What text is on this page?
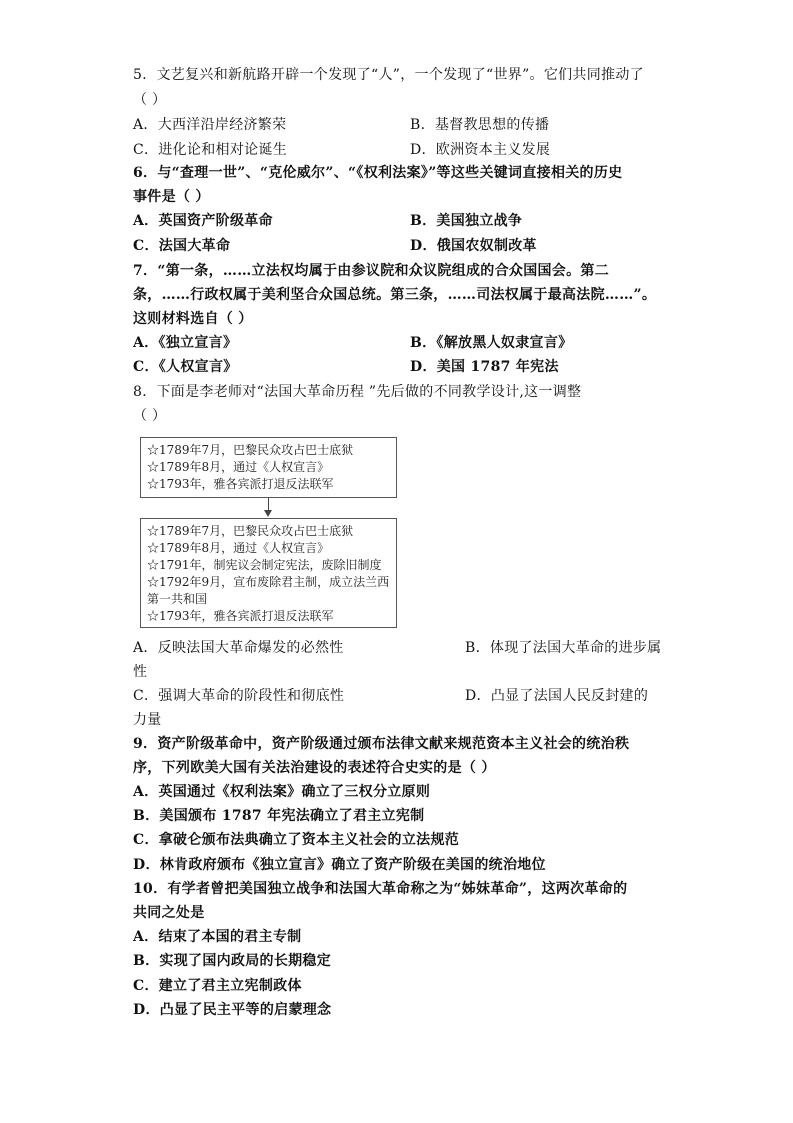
5．文艺复兴和新航路开辟一个发现了“人”，一个发现了“世界”。它们共同推动了
（ ）
A．大西洋沿岸经济繁荣	B．基督教思想的传播
C．进化论和相对论诞生	D．欧洲资本主义发展
6．与“查理一世”、“克伦威尔”、“《权利法案》”等这些关键词直接相关的历史
事件是（ ）
A．英国资产阶级革命	B．美国独立战争
C．法国大革命	D．俄国农奴制改革
7．“第一条，……立法权均属于由参议院和众议院组成的合众国国会。第二
条，……行政权属于美利坚合众国总统。第三条，……司法权属于最高法院……”。
这则材料选自（ ）
A．《独立宣言》	B．《解放黑人奴隶宣言》
C．《人权宣言》	D．美国 1787 年宪法
8．下面是李老师对“法国大革命历程 ”先后做的不同教学设计,这一调整
（ ）
☆1789年7月，巴黎民众攻占巴士底狱
☆1789年8月，通过《人权宣言》
☆1793年，雅各宾派打退反法联军
☆1789年7月，巴黎民众攻占巴士底狱
☆1789年8月，通过《人权宣言》
☆1791年，制宪议会制定宪法，废除旧制度
☆1792年9月，宣布废除君主制，成立法兰西
第一共和国
☆1793年，雅各宾派打退反法联军
A．反映法国大革命爆发的必然性	B．体现了法国大革命的进步属
性
C．强调大革命的阶段性和彻底性	D．凸显了法国人民反封建的
力量
9．资产阶级革命中，资产阶级通过颁布法律文献来规范资本主义社会的统治秩
序，下列欧美大国有关法治建设的表述符合史实的是（ ）
A．英国通过《权利法案》确立了三权分立原则
B．美国颁布 1787 年宪法确立了君主立宪制
C．拿破仑颁布法典确立了资本主义社会的立法规范
D．林肯政府颁布《独立宣言》确立了资产阶级在美国的统治地位
10．有学者曾把美国独立战争和法国大革命称之为“姊妹革命”，这两次革命的
共同之处是
A．结束了本国的君主专制
B．实现了国内政局的长期稳定
C．建立了君主立宪制政体
D．凸显了民主平等的启蒙理念
